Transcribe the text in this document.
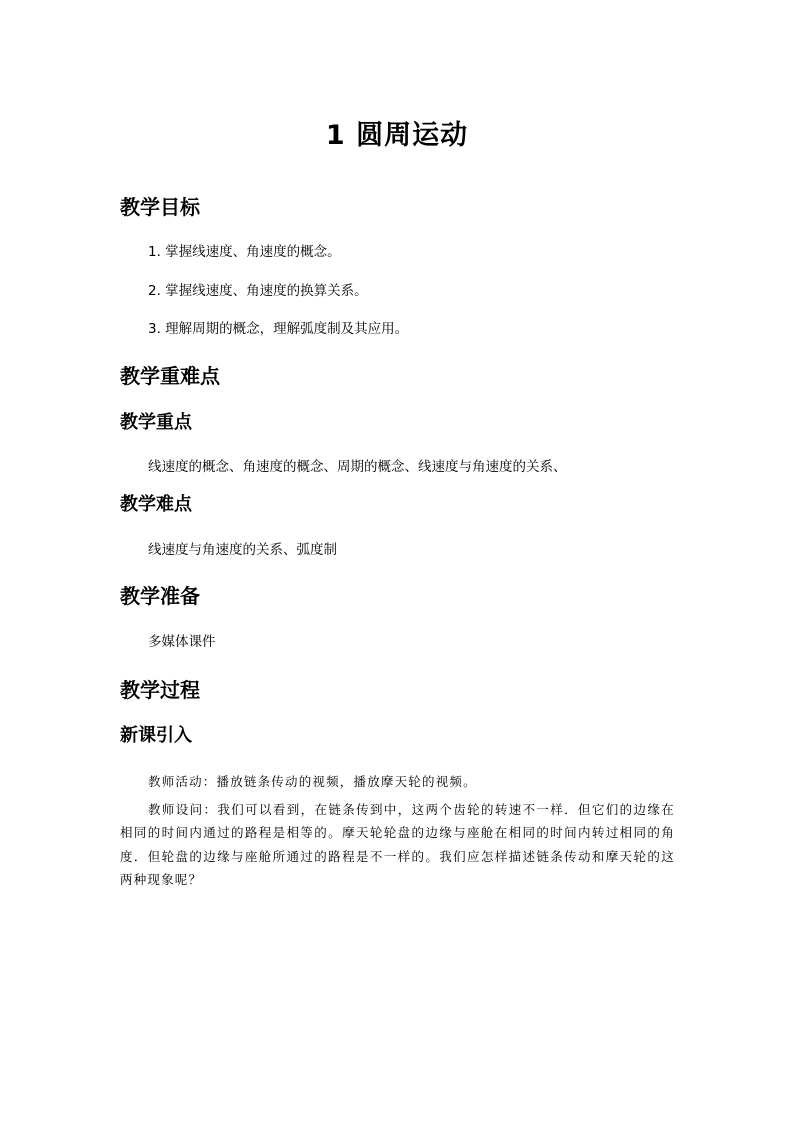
1 圆周运动
教学目标
1. 掌握线速度、角速度的概念。
2. 掌握线速度、角速度的换算关系。
3. 理解周期的概念，理解弧度制及其应用。
教学重难点
教学重点
线速度的概念、角速度的概念、周期的概念、线速度与角速度的关系、
教学难点
线速度与角速度的关系、弧度制
教学准备
多媒体课件
教学过程
新课引入

教师活动：播放链条传动的视频，播放摩天轮的视频。

教师设问：我们可以看到，在链条传到中，这两个齿轮的转速不一样．但它们的边缘在相同的时间内通过的路程是相等的。摩天轮轮盘的边缘与座舱在相同的时间内转过相同的角度．但轮盘的边缘与座舱所通过的路程是不一样的。我们应怎样描述链条传动和摩天轮的这两种现象呢？
